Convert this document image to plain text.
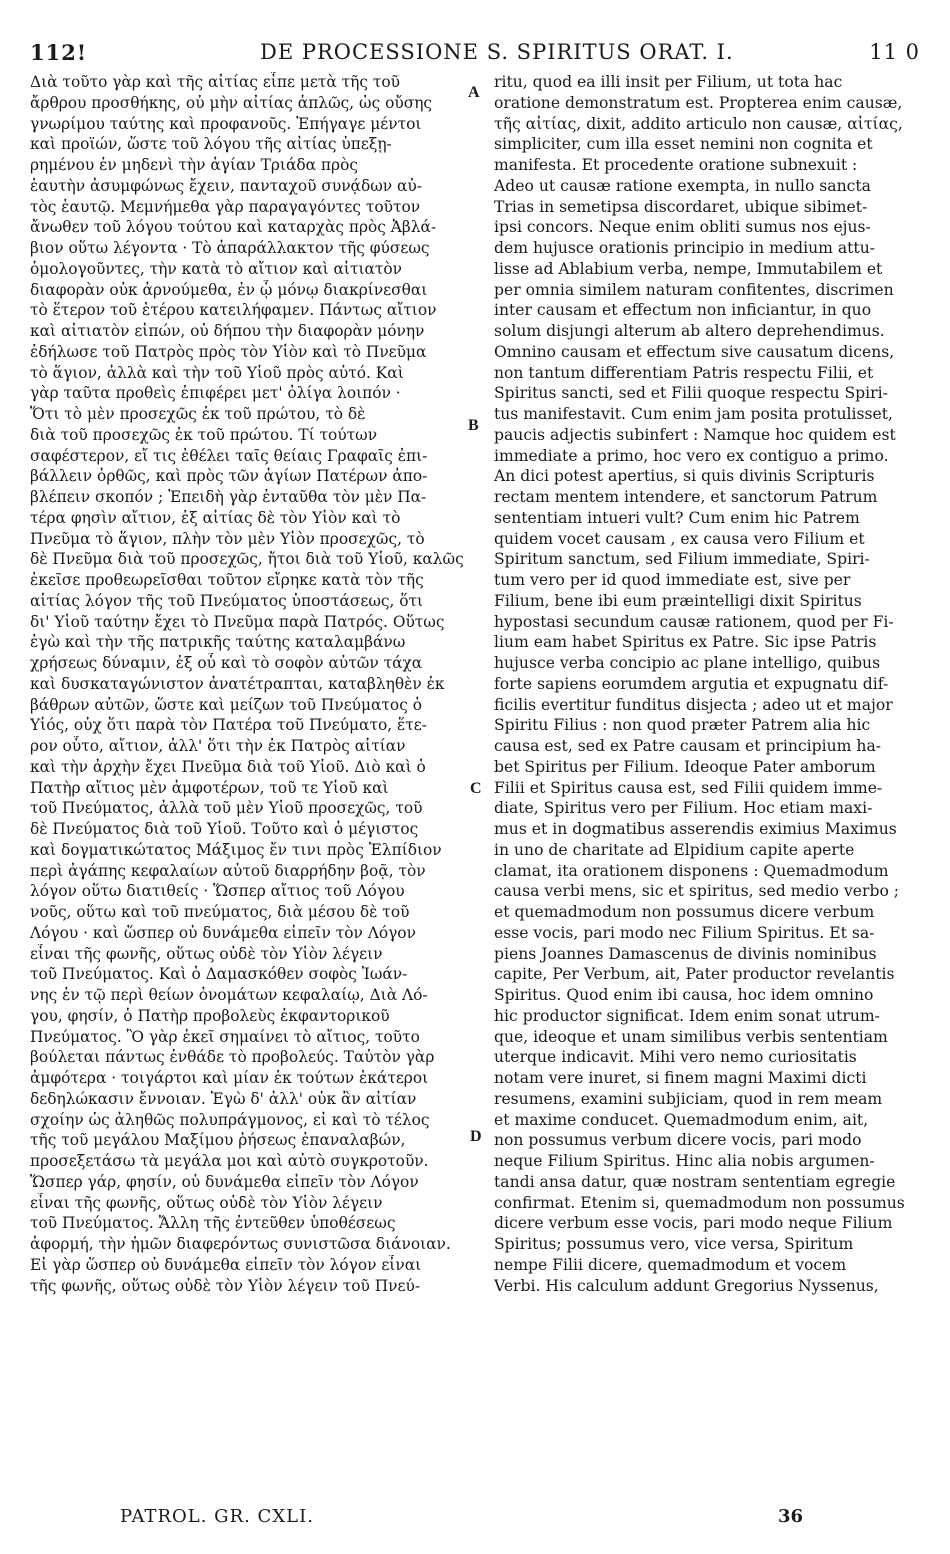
112!	DE PROCESSIONE S. SPIRITUS ORAT. I.	11 0

Διὰ τοῦτο γὰρ καὶ τῆς αἰτίας εἶπε μετὰ τῆς τοῦ

ἄρθρου προσθήκης, οὐ μὴν αἰτίας ἁπλῶς, ὡς οὔσης

γνωρίμου ταύτης καὶ προφανοῦς. Ἐπήγαγε μέντοι

καὶ προϊών, ὥστε τοῦ λόγου τῆς αἰτίας ὑπεξῃ-

ρημένου ἐν μηδενὶ τὴν ἁγίαν Τριάδα πρὸς

ἑαυτὴν ἀσυμφώνως ἔχειν, πανταχοῦ συνᾴδων αὐ-

τὸς ἑαυτῷ. Μεμνήμεθα γὰρ παραγαγόντες τοῦτον

ἄνωθεν τοῦ λόγου τούτου καὶ καταρχὰς πρὸς Ἀβλά-

βιον οὕτω λέγοντα · Τὸ ἀπαράλλακτον τῆς φύσεως

ὁμολογοῦντες, τὴν κατὰ τὸ αἴτιον καὶ αἰτιατὸν

διαφορὰν οὐκ ἀρνούμεθα, ἐν ᾧ μόνῳ διακρίνεσθαι

τὸ ἕτερον τοῦ ἑτέρου κατειλήφαμεν. Πάντως αἴτιον

καὶ αἰτιατὸν εἰπών, οὐ δήπου τὴν διαφορὰν μόνην

ἐδήλωσε τοῦ Πατρὸς πρὸς τὸν Υἱὸν καὶ τὸ Πνεῦμα

τὸ ἅγιον, ἀλλὰ καὶ τὴν τοῦ Υἱοῦ πρὸς αὐτό. Καὶ

γὰρ ταῦτα προθεὶς ἐπιφέρει μετ' ὀλίγα λοιπόν ·

Ὅτι τὸ μὲν προσεχῶς ἐκ τοῦ πρώτου, τὸ δὲ

διὰ τοῦ προσεχῶς ἐκ τοῦ πρώτου. Τί τούτων

σαφέστερον, εἴ τις ἐθέλει ταῖς θείαις Γραφαῖς ἐπι-

βάλλειν ὀρθῶς, καὶ πρὸς τῶν ἁγίων Πατέρων ἀπο-

βλέπειν σκοπόν ; Ἐπειδὴ γὰρ ἐνταῦθα τὸν μὲν Πα-

τέρα φησὶν αἴτιον, ἐξ αἰτίας δὲ τὸν Υἱὸν καὶ τὸ

Πνεῦμα τὸ ἅγιον, πλὴν τὸν μὲν Υἱὸν προσεχῶς, τὸ

δὲ Πνεῦμα διὰ τοῦ προσεχῶς, ἤτοι διὰ τοῦ Υἱοῦ, καλῶς

ἐκεῖσε προθεωρεῖσθαι τοῦτον εἴρηκε κατὰ τὸν τῆς

αἰτίας λόγον τῆς τοῦ Πνεύματος ὑποστάσεως, ὅτι

δι' Υἱοῦ ταύτην ἔχει τὸ Πνεῦμα παρὰ Πατρός. Οὕτως

ἐγὼ καὶ τὴν τῆς πατρικῆς ταύτης καταλαμβάνω

χρήσεως δύναμιν, ἐξ οὗ καὶ τὸ σοφὸν αὐτῶν τάχα

καὶ δυσκαταγώνιστον ἀνατέτραπται, καταβληθὲν ἐκ

βάθρων αὐτῶν, ὥστε καὶ μείζων τοῦ Πνεύματος ὁ

Υἱός, οὐχ ὅτι παρὰ τὸν Πατέρα τοῦ Πνεύματο, ἕτε-

ρον οὗτο, αἴτιον, ἀλλ' ὅτι τὴν ἐκ Πατρὸς αἰτίαν

καὶ τὴν ἀρχὴν ἔχει Πνεῦμα διὰ τοῦ Υἱοῦ. Διὸ καὶ ὁ

Πατὴρ αἴτιος μὲν ἀμφοτέρων, τοῦ τε Υἱοῦ καὶ

τοῦ Πνεύματος, ἀλλὰ τοῦ μὲν Υἱοῦ προσεχῶς, τοῦ

δὲ Πνεύματος διὰ τοῦ Υἱοῦ. Τοῦτο καὶ ὁ μέγιστος

καὶ δογματικώτατος Μάξιμος ἔν τινι πρὸς Ἐλπίδιον

περὶ ἀγάπης κεφαλαίων αὐτοῦ διαρρήδην βοᾷ, τὸν

λόγον οὕτω διατιθείς · Ὥσπερ αἴτιος τοῦ Λόγου

νοῦς, οὕτω καὶ τοῦ πνεύματος, διὰ μέσου δὲ τοῦ

Λόγου · καὶ ὥσπερ οὐ δυνάμεθα εἰπεῖν τὸν Λόγον

εἶναι τῆς φωνῆς, οὕτως οὐδὲ τὸν Υἱὸν λέγειν

τοῦ Πνεύματος. Καὶ ὁ Δαμασκόθεν σοφὸς Ἰωάν-

νης ἐν τῷ περὶ θείων ὀνομάτων κεφαλαίῳ, Διὰ Λό-

γου, φησίν, ὁ Πατὴρ προβολεὺς ἐκφαντορικοῦ

Πνεύματος. Ὃ γὰρ ἐκεῖ σημαίνει τὸ αἴτιος, τοῦτο

βούλεται πάντως ἐνθάδε τὸ προβολεύς. Ταὐτὸν γὰρ

ἀμφότερα · τοιγάρτοι καὶ μίαν ἐκ τούτων ἑκάτεροι

δεδηλώκασιν ἔννοιαν. Ἐγὼ δ' ἀλλ' οὐκ ἂν αἰτίαν

σχοίην ὡς ἀληθῶς πολυπράγμονος, εἰ καὶ τὸ τέλος

τῆς τοῦ μεγάλου Μαξίμου ῥήσεως ἐπαναλαβών,

προσεξετάσω τὰ μεγάλα μοι καὶ αὐτὸ συγκροτοῦν.

Ὥσπερ γάρ, φησίν, οὐ δυνάμεθα εἰπεῖν τὸν Λόγον

εἶναι τῆς φωνῆς, οὕτως οὐδὲ τὸν Υἱὸν λέγειν

τοῦ Πνεύματος. Ἄλλη τῆς ἐντεῦθεν ὑποθέσεως

ἀφορμή, τὴν ἡμῶν διαφερόντως συνιστῶσα διάνοιαν.

Εἰ γὰρ ὥσπερ οὐ δυνάμεθα εἰπεῖν τὸν λόγον εἶναι

τῆς φωνῆς, οὕτως οὐδὲ τὸν Υἱὸν λέγειν τοῦ Πνεύ-

ritu, quod ea illi insit per Filium, ut tota hac

oratione demonstratum est. Propterea enim causæ,

τῆς αἰτίας, dixit, addito articulo non causæ, αἰτίας,

simpliciter, cum illa esset nemini non cognita et

manifesta. Et procedente oratione subnexuit :

Adeo ut causæ ratione exempta, in nullo sancta

Trias in semetipsa discordaret, ubique sibimet-

ipsi concors. Neque enim obliti sumus nos ejus-

dem hujusce orationis principio in medium attu-

lisse ad Ablabium verba, nempe, Immutabilem et

per omnia similem naturam confitentes, discrimen

inter causam et effectum non inficiantur, in quo

solum disjungi alterum ab altero deprehendimus.

Omnino causam et effectum sive causatum dicens,

non tantum differentiam Patris respectu Filii, et

Spiritus sancti, sed et Filii quoque respectu Spiri-

tus manifestavit. Cum enim jam posita protulisset,

paucis adjectis subinfert : Namque hoc quidem est

immediate a primo, hoc vero ex contiguo a primo.

An dici potest apertius, si quis divinis Scripturis

rectam mentem intendere, et sanctorum Patrum

sententiam intueri vult? Cum enim hic Patrem

quidem vocet causam , ex causa vero Filium et

Spiritum sanctum, sed Filium immediate, Spiri-

tum vero per id quod immediate est, sive per

Filium, bene ibi eum præintelligi dixit Spiritus

hypostasi secundum causæ rationem, quod per Fi-

lium eam habet Spiritus ex Patre. Sic ipse Patris

hujusce verba concipio ac plane intelligo, quibus

forte sapiens eorumdem argutia et expugnatu dif-

ficilis evertitur funditus disjecta ; adeo ut et major

Spiritu Filius : non quod præter Patrem alia hic

causa est, sed ex Patre causam et principium ha-

bet Spiritus per Filium. Ideoque Pater amborum

Filii et Spiritus causa est, sed Filii quidem imme-

diate, Spiritus vero per Filium. Hoc etiam maxi-

mus et in dogmatibus asserendis eximius Maximus

in uno de charitate ad Elpidium capite aperte

clamat, ita orationem disponens : Quemadmodum

causa verbi mens, sic et spiritus, sed medio verbo ;

et quemadmodum non possumus dicere verbum

esse vocis, pari modo nec Filium Spiritus. Et sa-

piens Joannes Damascenus de divinis nominibus

capite, Per Verbum, ait, Pater productor revelantis

Spiritus. Quod enim ibi causa, hoc idem omnino

hic productor significat. Idem enim sonat utrum-

que, ideoque et unam similibus verbis sententiam

uterque indicavit. Mihi vero nemo curiositatis

notam vere inuret, si finem magni Maximi dicti

resumens, examini subjiciam, quod in rem meam

et maxime conducet. Quemadmodum enim, ait,

non possumus verbum dicere vocis, pari modo

neque Filium Spiritus. Hinc alia nobis argumen-

tandi ansa datur, quæ nostram sententiam egregie

confirmat. Etenim si, quemadmodum non possumus

dicere verbum esse vocis, pari modo neque Filium

Spiritus; possumus vero, vice versa, Spiritum

nempe Filii dicere, quemadmodum et vocem

Verbi. His calculum addunt Gregorius Nyssenus,

A
B
C
D
PATROL. GR. CXLI.	36
